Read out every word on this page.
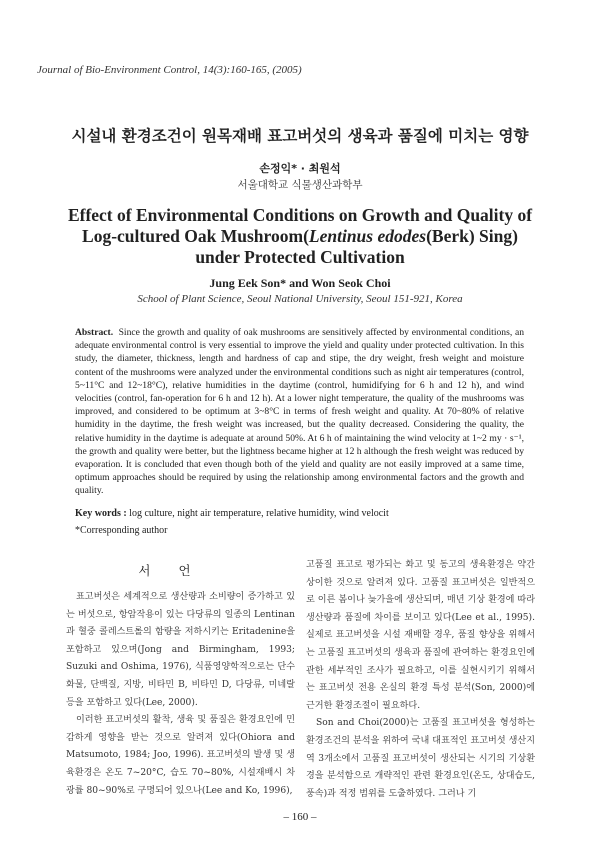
Journal of Bio-Environment Control, 14(3):160-165, (2005)
시설내 환경조건이 원목재배 표고버섯의 생육과 품질에 미치는 영향
손정익* · 최원석
서울대학교 식물생산과학부
Effect of Environmental Conditions on Growth and Quality of
Log-cultured Oak Mushroom(Lentinus edodes(Berk) Sing)
under Protected Cultivation
Jung Eek Son* and Won Seok Choi
School of Plant Science, Seoul National University, Seoul 151-921, Korea
Abstract. Since the growth and quality of oak mushrooms are sensitively affected by environmental conditions, an adequate environmental control is very essential to improve the yield and quality under protected cultivation. In this study, the diameter, thickness, length and hardness of cap and stipe, the dry weight, fresh weight and moisture content of the mushrooms were analyzed under the environmental conditions such as night air temperatures (control, 5~11°C and 12~18°C), relative humidities in the daytime (control, humidifying for 6 h and 12 h), and wind velocities (control, fan-operation for 6 h and 12 h). At a lower night temperature, the quality of the mushrooms was improved, and considered to be optimum at 3~8°C in terms of fresh weight and quality. At 70~80% of relative humidity in the daytime, the fresh weight was increased, but the quality decreased. Considering the quality, the relative humidity in the daytime is adequate at around 50%. At 6 h of maintaining the wind velocity at 1~2 my · s⁻¹, the growth and quality were better, but the lightness became higher at 12 h although the fresh weight was reduced by evaporation. It is concluded that even though both of the yield and quality are not easily improved at a same time, optimum approaches should be required by using the relationship among environmental factors and the growth and quality.
Key words : log culture, night air temperature, relative humidity, wind velocit
*Corresponding author
서언

표고버섯은 세계적으로 생산량과 소비량이 증가하고 있는 버섯으로, 항암작용이 있는 다당류의 일종의 Lentinan과 혈중 콜레스트롤의 함량을 저하시키는 Eritadenine을 포함하고 있으며(Jong and Birmingham, 1993; Suzuki and Oshima, 1976), 식품영양학적으로는 단수화물, 단백질, 지방, 비타민 B, 비타민 D, 다당류, 미네랄 등을 포함하고 있다(Lee, 2000).

이러한 표고버섯의 활착, 생육 및 품질은 환경요인에 민감하게 영향을 받는 것으로 알려져 있다(Ohiora and Matsumoto, 1984; Joo, 1996). 표고버섯의 발생 및 생육환경은 온도 7~20°C, 습도 70~80%, 시설재배시 차광률 80~90%로 구명되어 있으나(Lee and Ko, 1996),

고품질 표고로 평가되는 화고 및 동고의 생육환경은 약간 상이한 것으로 알려져 있다. 고품질 표고버섯은 일반적으로 이른 봄이나 늦가을에 생산되며, 매년 기상 환경에 따라 생산량과 품질에 차이를 보이고 있다(Lee et al., 1995). 실제로 표고버섯을 시설 재배할 경우, 품질 향상을 위해서는 고품질 표고버섯의 생육과 품질에 관여하는 환경요인에 관한 세부적인 조사가 필요하고, 이를 실현시키기 위해서는 표고버섯 전용 온실의 환경 특성 분석(Son, 2000)에 근거한 환경조절이 필요하다.

Son and Choi(2000)는 고품질 표고버섯을 형성하는 환경조건의 분석을 위하여 국내 대표적인 표고버섯 생산지역 3개소에서 고품질 표고버섯이 생산되는 시기의 기상환경을 분석함으로 개략적인 관련 환경요인(온도, 상대습도, 풍속)과 적정 범위를 도출하였다. 그러나 기

– 160 –
